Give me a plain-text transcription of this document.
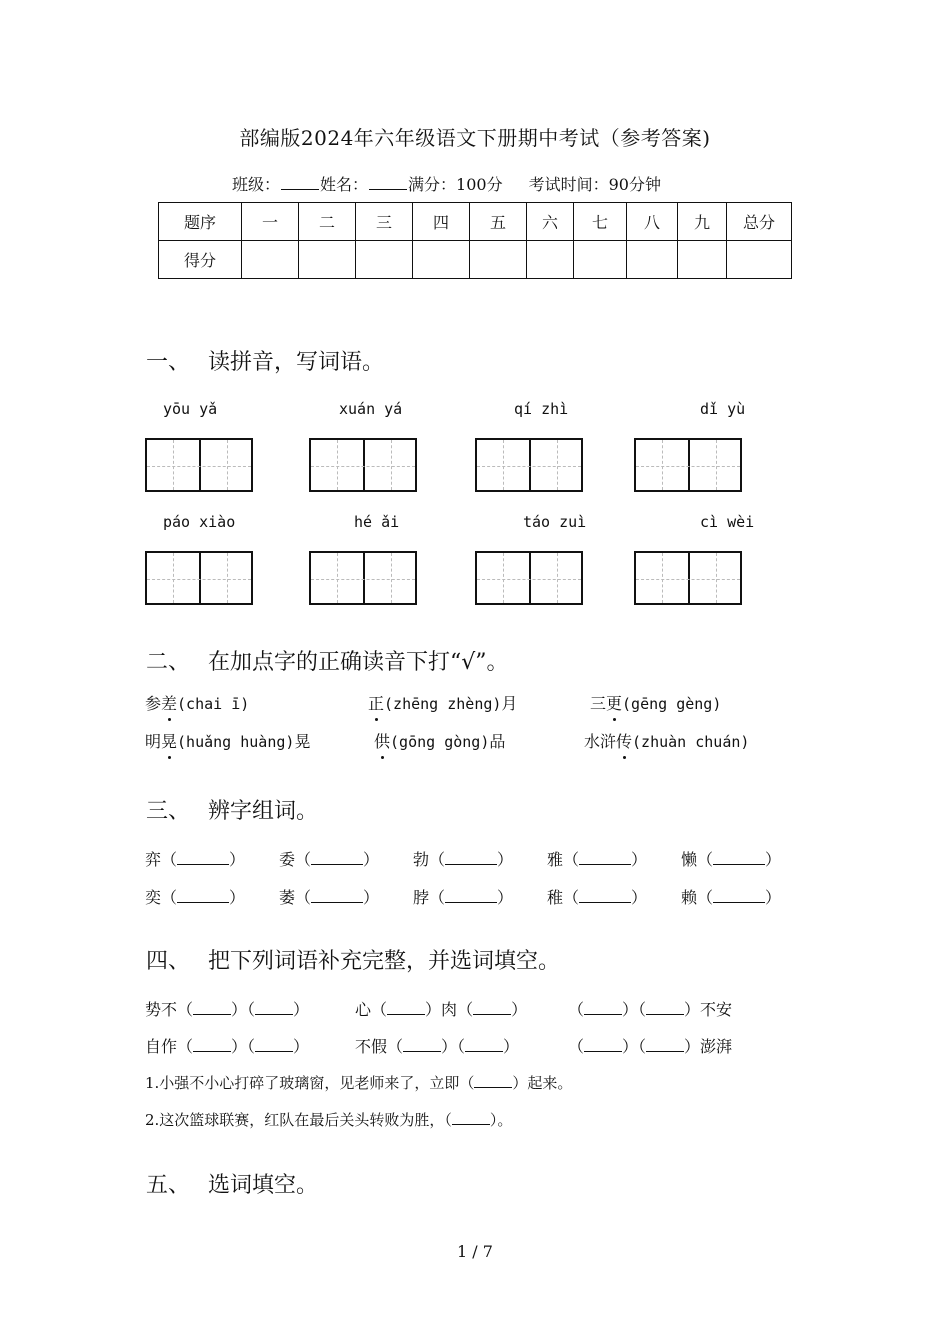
部编版2024年六年级语文下册期中考试（参考答案)
班级：	姓名：	满分：100分 考试时间：90分钟
题序	一	二	三	四	五	六	七	八	九	总分
得分										
一、 读拼音，写词语。
yōu yǎ	xuán yá	qí zhì	dǐ yù
páo xiào	hé ǎi	táo zuì	cì wèi
二、 在加点字的正确读音下打“√”。
参差(chai ī)	正(zhēng zhèng)月	三更(gēng gèng)
明晃(huǎng huàng)晃	供(gōng gòng)品	水浒传(zhuàn chuán)
三、 辨字组词。
弈（	） 委（	） 勃（	） 雅（	） 懒（	）
奕（	） 萎（	） 脖（	） 稚（	） 赖（	）
四、 把下列词语补充完整，并选词填空。
势不（ ）（ ）	心（ ）肉（ ）	（ ）（ ）不安
自作（ ）（ ）	不假（ ）（ ）	（ ）（ ）澎湃
1.小强不小心打碎了玻璃窗，见老师来了，立即（	）起来。
2.这次篮球联赛，红队在最后关头转败为胜，（	）。
五、 选词填空。
1 / 7
